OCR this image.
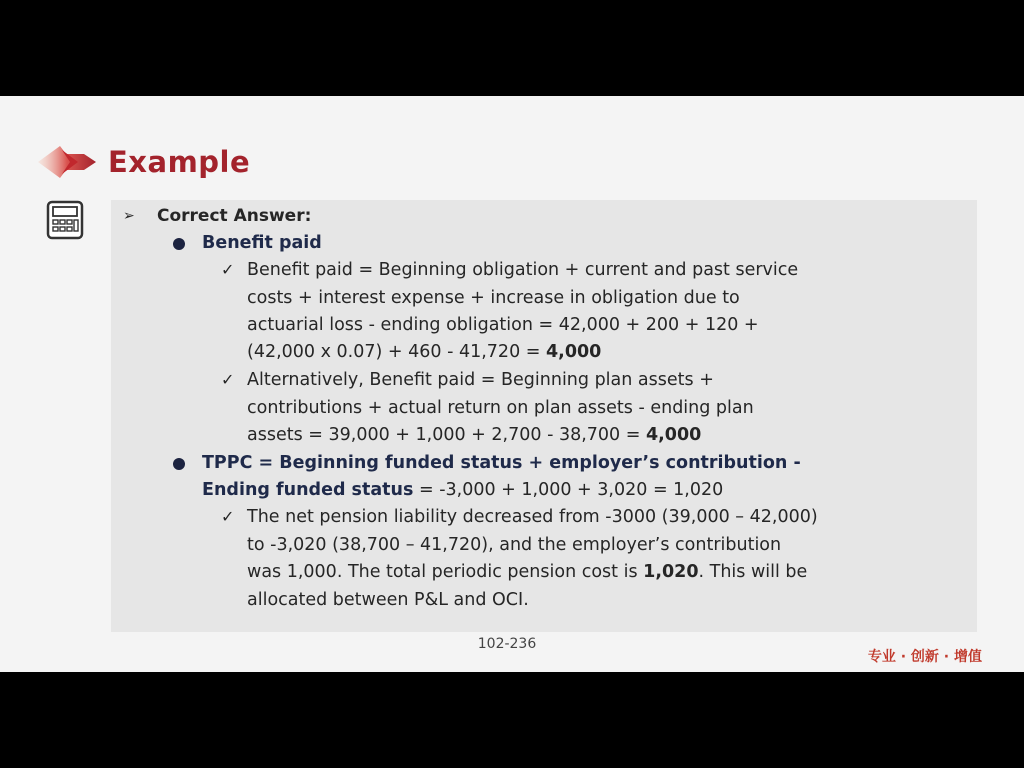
Example
➢ Correct Answer:
Benefit paid
✓ Benefit paid = Beginning obligation + current and past service
costs + interest expense + increase in obligation due to
actuarial loss - ending obligation = 42,000 + 200 + 120 +
(42,000 x 0.07) + 460 - 41,720 = 4,000
✓ Alternatively, Benefit paid = Beginning plan assets +
contributions + actual return on plan assets - ending plan
assets = 39,000 + 1,000 + 2,700 - 38,700 = 4,000
TPPC = Beginning funded status + employer’s contribution -
Ending funded status = -3,000 + 1,000 + 3,020 = 1,020
✓ The net pension liability decreased from -3000 (39,000 – 42,000)
to -3,020 (38,700 – 41,720), and the employer’s contribution
was 1,000. The total periodic pension cost is 1,020. This will be
allocated between P&L and OCI.
102-236
专业 · 创新 · 增值
